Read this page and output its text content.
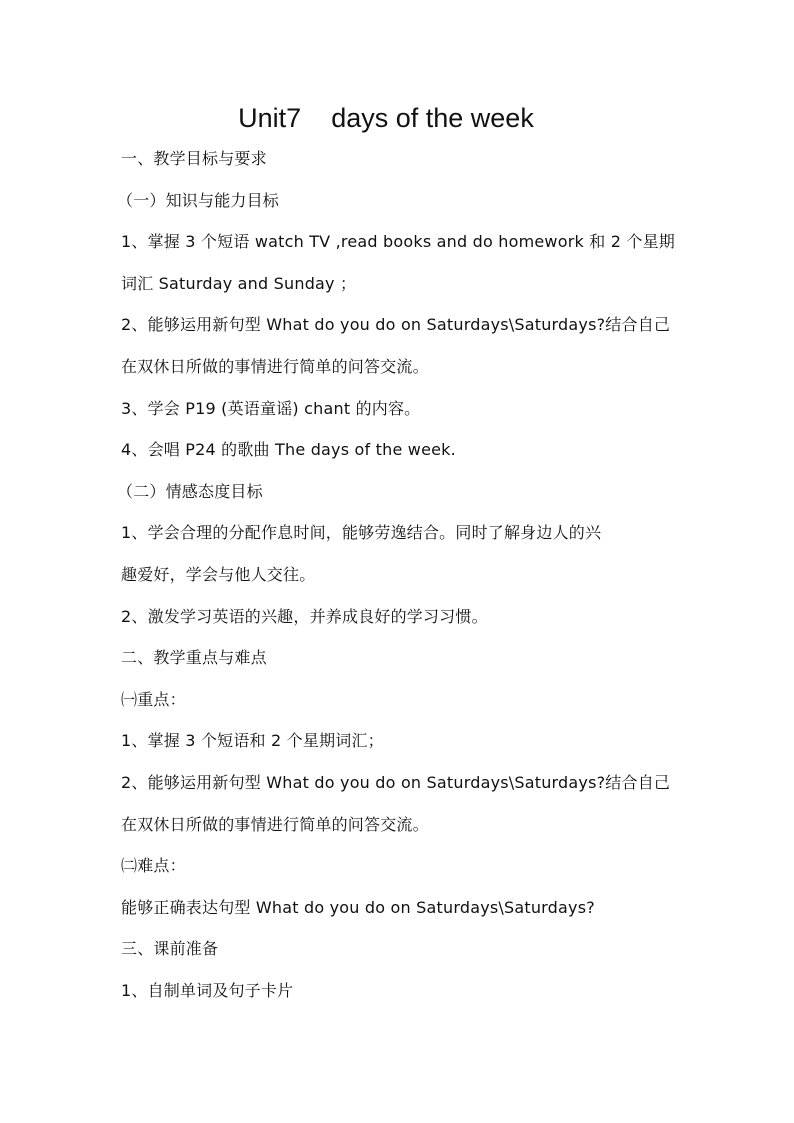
Unit7    days of the week
一、教学目标与要求
（一）知识与能力目标
1、掌握 3 个短语 watch TV ,read books and do homework 和 2 个星期
词汇 Saturday and Sunday ；
2、能够运用新句型 What do you do on Saturdays\Saturdays?结合自己
在双休日所做的事情进行简单的问答交流。
3、学会 P19 (英语童谣) chant 的内容。
4、会唱 P24 的歌曲 The days of the week.
（二）情感态度目标
1、学会合理的分配作息时间，能够劳逸结合。同时了解身边人的兴
趣爱好，学会与他人交往。
2、激发学习英语的兴趣，并养成良好的学习习惯。
二、教学重点与难点
㈠重点：
1、掌握 3 个短语和 2 个星期词汇；
2、能够运用新句型 What do you do on Saturdays\Saturdays?结合自己
在双休日所做的事情进行简单的问答交流。
㈡难点：
能够正确表达句型 What do you do on Saturdays\Saturdays?
三、课前准备
1、自制单词及句子卡片
